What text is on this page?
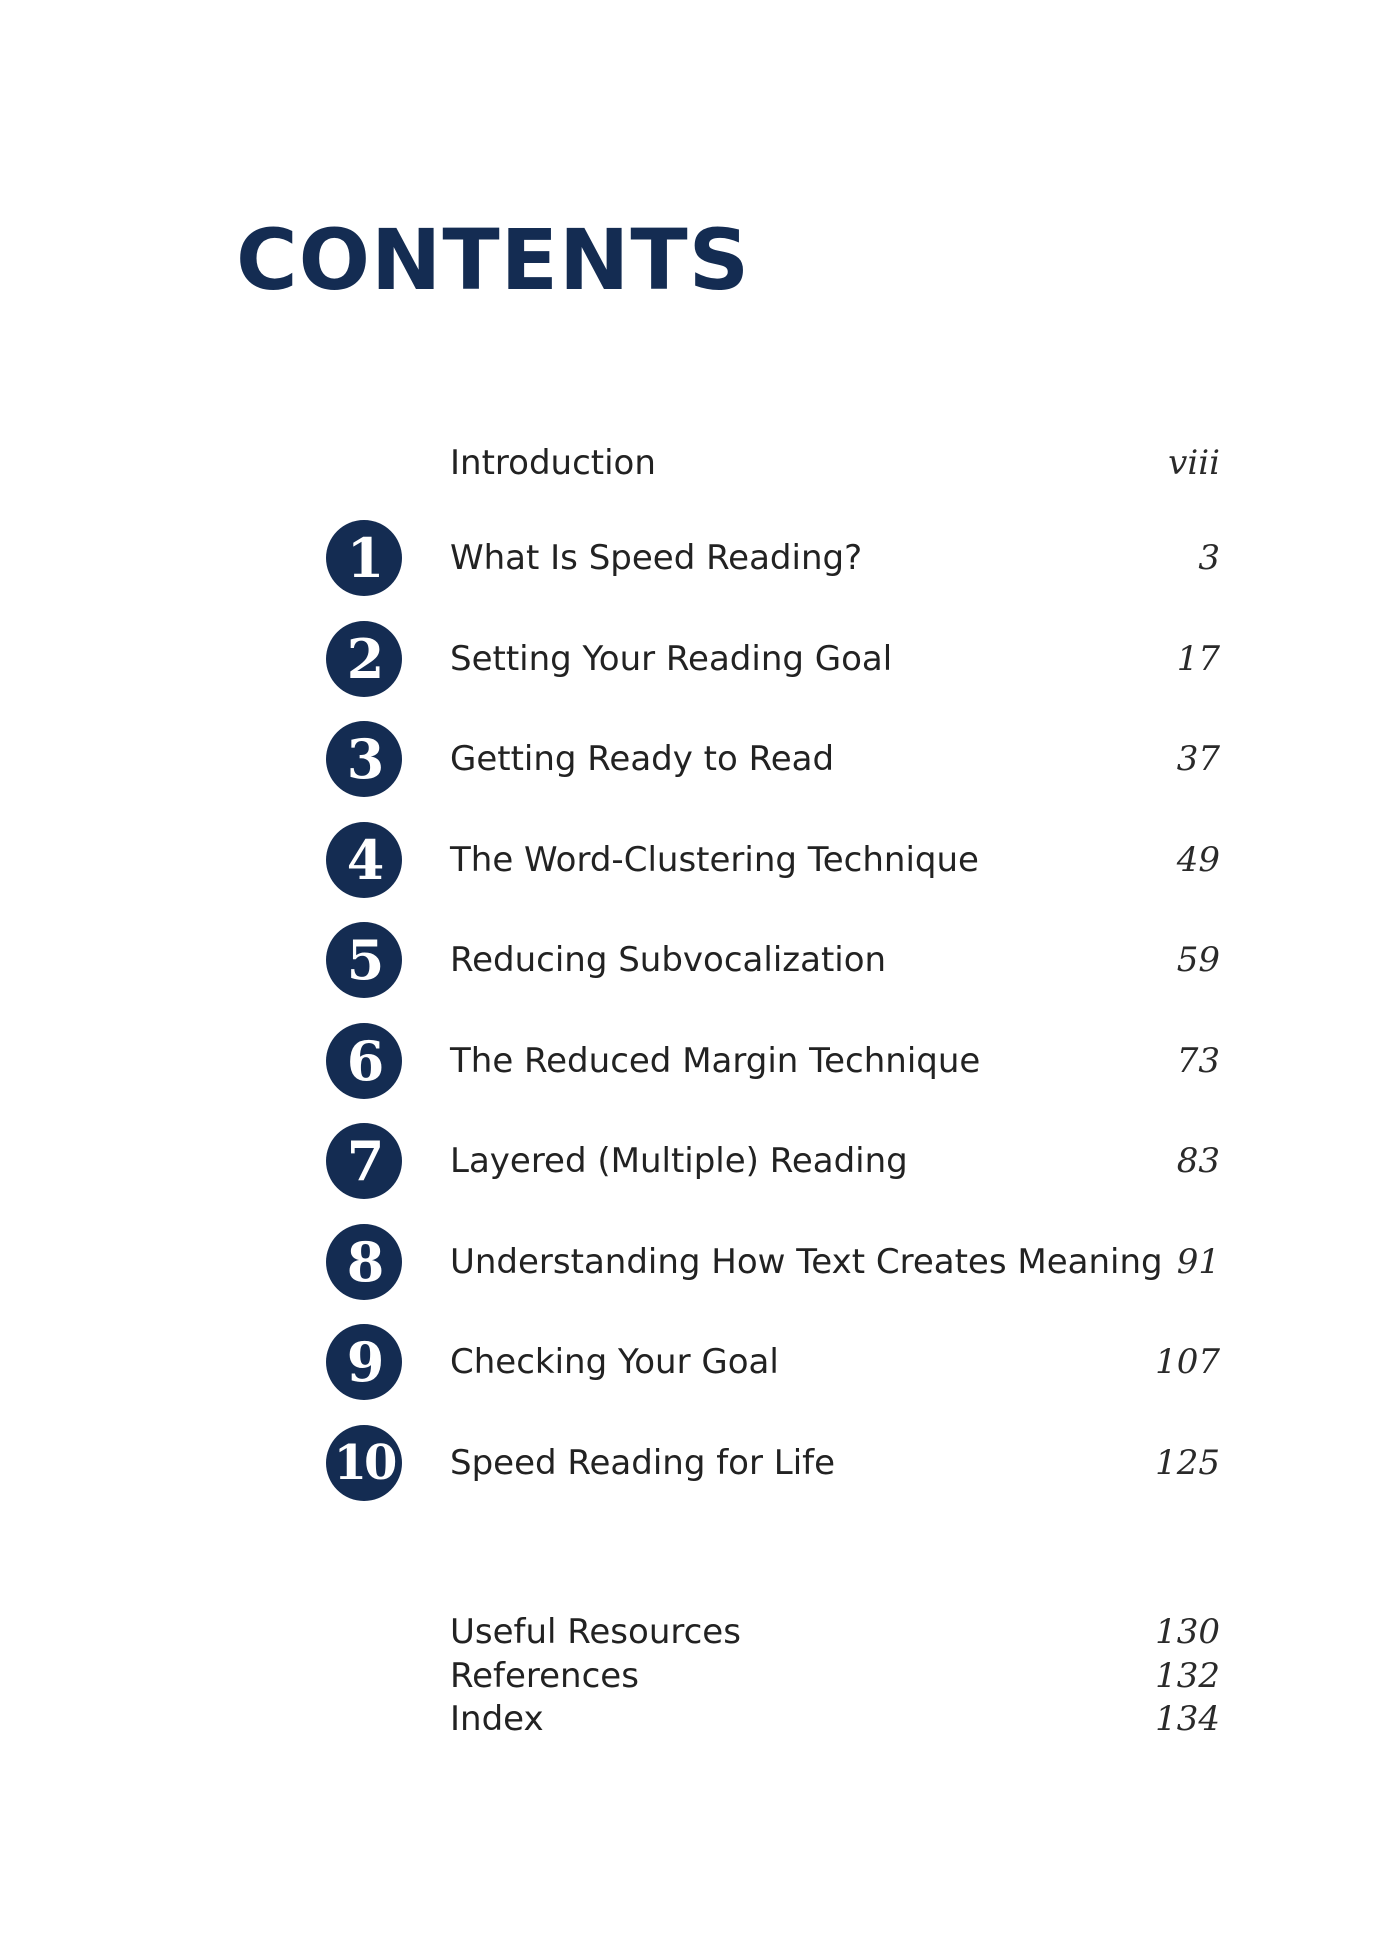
CONTENTS
Introduction	viii
1	What Is Speed Reading?	3
2	Setting Your Reading Goal	17
3	Getting Ready to Read	37
4	The Word-Clustering Technique	49
5	Reducing Subvocalization	59
6	The Reduced Margin Technique	73
7	Layered (Multiple) Reading	83
8	Understanding How Text Creates Meaning 91
9	Checking Your Goal	107
10 Speed Reading for Life	125
Useful Resources	130
References	132
Index	134
